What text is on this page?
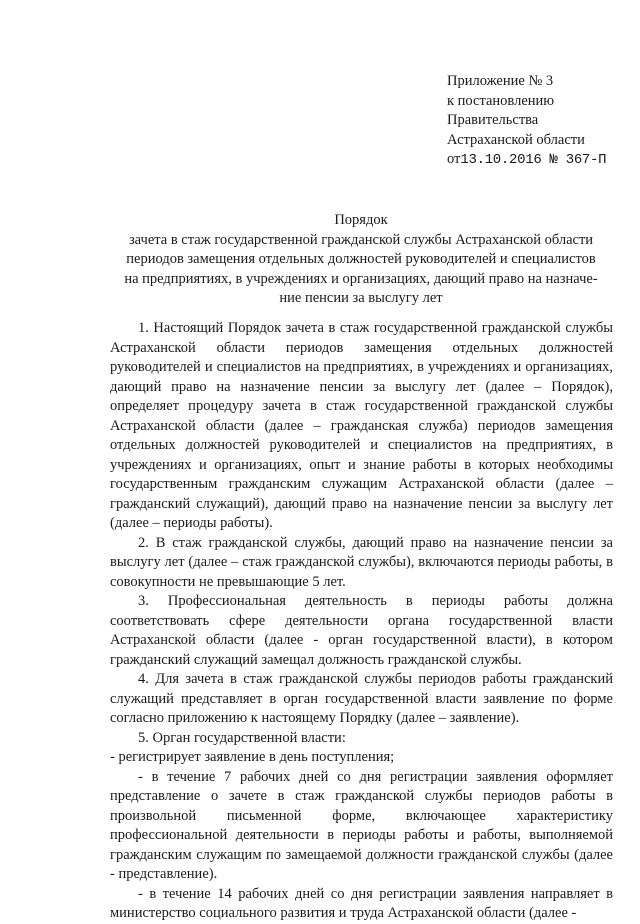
Приложение № 3
к постановлению
Правительства
Астраханской области
от13.10.2016 № 367-П
Порядок
зачета в стаж государственной гражданской службы Астраханской области
периодов замещения отдельных должностей руководителей и специалистов
на предприятиях, в учреждениях и организациях, дающий право на назначе-
ние пенсии за выслугу лет

1. Настоящий Порядок зачета в стаж государственной гражданской службы Астраханской области периодов замещения отдельных должностей руководителей и специалистов на предприятиях, в учреждениях и организациях, дающий право на назначение пенсии за выслугу лет (далее – Порядок), определяет процедуру зачета в стаж государственной гражданской службы Астраханской области (далее – гражданская служба) периодов замещения отдельных должностей руководителей и специалистов на предприятиях, в учреждениях и организациях, опыт и знание работы в которых необходимы государственным гражданским служащим Астраханской области (далее – гражданский служащий), дающий право на назначение пенсии за выслугу лет (далее – периоды работы).

2. В стаж гражданской службы, дающий право на назначение пенсии за выслугу лет (далее – стаж гражданской службы), включаются периоды работы, в совокупности не превышающие 5 лет.

3. Профессиональная деятельность в периоды работы должна соответствовать сфере деятельности органа государственной власти Астраханской области (далее - орган государственной власти), в котором гражданский служащий замещал должность гражданской службы.

4. Для зачета в стаж гражданской службы периодов работы гражданский служащий представляет в орган государственной власти заявление по форме согласно приложению к настоящему Порядку (далее – заявление).

5. Орган государственной власти:

- регистрирует заявление в день поступления;

- в течение 7 рабочих дней со дня регистрации заявления оформляет представление о зачете в стаж гражданской службы периодов работы в произвольной письменной форме, включающее характеристику профессиональной деятельности в периоды работы и работы, выполняемой гражданским служащим по замещаемой должности гражданской службы (далее - представление).

- в течение 14 рабочих дней со дня регистрации заявления направляет в министерство социального развития и труда Астраханской области (далее -
